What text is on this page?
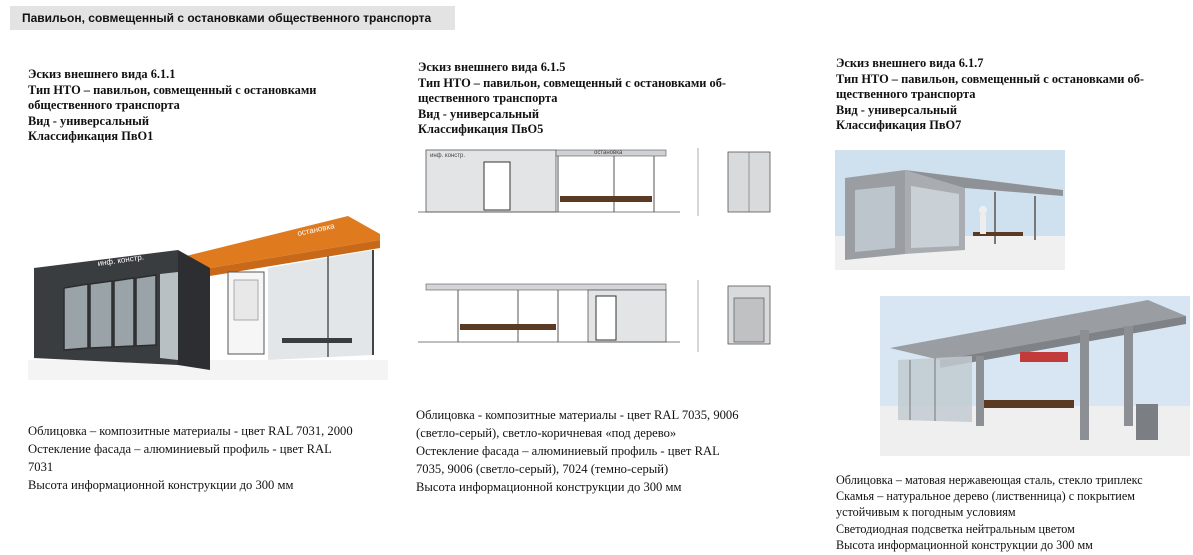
Павильон, совмещенный с остановками общественного транспорта
Эскиз внешнего вида 6.1.1
Тип НТО – павильон, совмещенный с остановками
общественного транспорта
Вид - универсальный
Классификация ПвО1
инф. констр.
остановка
Облицовка – композитные материалы - цвет RAL 7031, 2000
Остекление фасада – алюминиевый профиль - цвет RAL
7031
Высота информационной конструкции до 300 мм
Эскиз внешнего вида 6.1.5
Тип НТО – павильон, совмещенный с остановками об-
щественного транспорта
Вид - универсальный
Классификация ПвО5
инф. констр.	остановка
Облицовка - композитные материалы - цвет RAL 7035, 9006
(светло-серый), светло-коричневая «под дерево»
Остекление фасада – алюминиевый профиль - цвет RAL
7035, 9006 (светло-серый), 7024 (темно-серый)
Высота информационной конструкции до 300 мм
Эскиз внешнего вида 6.1.7
Тип НТО – павильон, совмещенный с остановками об-
щественного транспорта
Вид - универсальный
Классификация ПвО7
Облицовка – матовая нержавеющая сталь, стекло триплекс
Скамья – натуральное дерево (лиственница) с покрытием
устойчивым к погодным условиям
Светодиодная подсветка нейтральным цветом
Высота информационной конструкции до 300 мм
